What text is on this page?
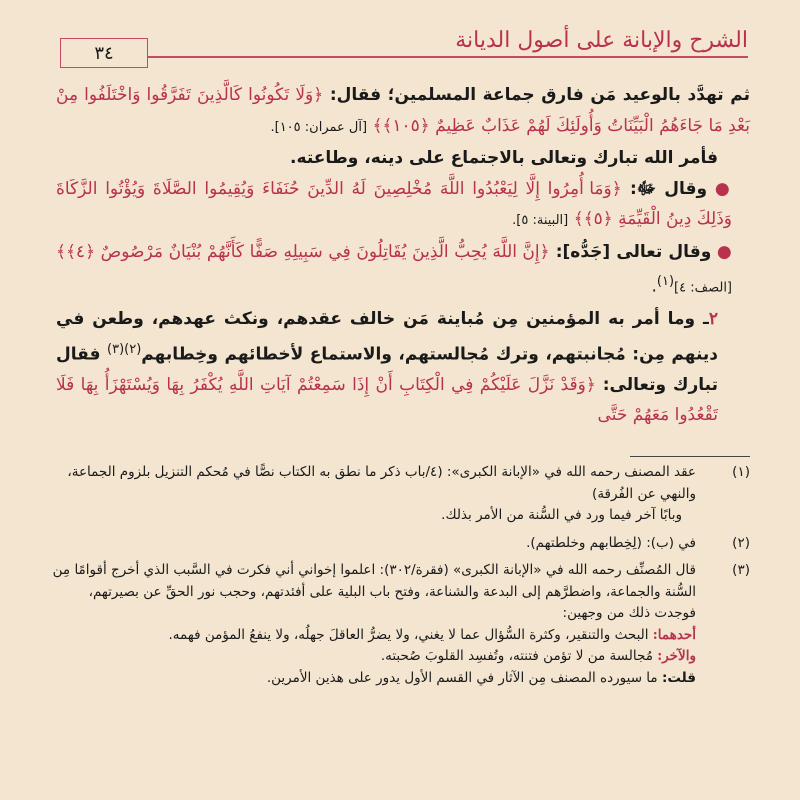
الشرح والإبانة على أصول الديانة
٣٤

ثم تهدَّد بالوعيد مَن فارق جماعة المسلمين؛ فقال: ﴿وَلَا تَكُونُوا كَالَّذِينَ تَفَرَّقُوا وَاخْتَلَفُوا مِنْ بَعْدِ مَا جَاءَهُمُ الْبَيِّنَاتُ وَأُولَئِكَ لَهُمْ عَذَابٌ عَظِيمٌ ﴿١٠٥﴾﴾ [آل عمران: ١٠٥].

فأمر الله تبارك وتعالى بالاجتماع على دينه، وطاعته.

● وقال ﷻ: ﴿وَمَا أُمِرُوا إِلَّا لِيَعْبُدُوا اللَّهَ مُخْلِصِينَ لَهُ الدِّينَ حُنَفَاءَ وَيُقِيمُوا الصَّلَاةَ وَيُؤْتُوا الزَّكَاةَ وَذَلِكَ دِينُ الْقَيِّمَةِ ﴿٥﴾﴾ [البينة: ٥].

● وقال تعالى [جَدُّه]: ﴿إِنَّ اللَّهَ يُحِبُّ الَّذِينَ يُقَاتِلُونَ فِي سَبِيلِهِ صَفًّا كَأَنَّهُمْ بُنْيَانٌ مَرْصُوصٌ ﴿٤﴾﴾ [الصف: ٤]$^{(١)}$.

٢ـ وما أمر به المؤمنين مِن مُباينة مَن خالف عقدهم، ونكث عهدهم، وطعن في دينهم مِن: مُجانبتهم، وترك مُجالستهم، والاستماع لأخطائهم وخِطابهم$^{(٢)(٣)}$ فقال تبارك وتعالى: ﴿وَقَدْ نَزَّلَ عَلَيْكُمْ فِي الْكِتَابِ أَنْ إِذَا سَمِعْتُمْ آيَاتِ اللَّهِ يُكْفَرُ بِهَا وَيُسْتَهْزَأُ بِهَا فَلَا تَقْعُدُوا مَعَهُمْ حَتَّى

(١)

عقد المصنف رحمه الله في «الإبانة الكبرى»: (٤/باب ذكر ما نطق به الكتاب نصًّا في مُحكم التنزيل بلزوم الجماعة، والنهي عن الفُرقة)

وبابًا آخر فيما ورد في السُّنة من الأمر بذلك.

(٢)

في (ب): (لِخِطابهم وخلطتهم).

(٣)

قال المُصنِّف رحمه الله في «الإبانة الكبرى» (فقرة/٣٠٢): اعلموا إخواني أني فكرت في السَّبب الذي أخرج أقوامًا مِن السُّنة والجماعة، واضطرَّهم إلى البدعة والشناعة، وفتح باب البلية على أفئدتهم، وحجب نور الحقِّ عن بصيرتهم، فوجدت ذلك من وجهين:

أحدهما: البحث والتنقير، وكثرة السُّؤال عما لا يغني، ولا يضرُّ العاقلَ جهلُه، ولا ينفعُ المؤمن فهمه.

والآخر: مُجالسة من لا تؤمن فتنته، وتُفسِد القلوبَ صُحبته.

قلت: ما سيورده المصنف مِن الآثار في القسم الأول يدور على هذين الأمرين.
